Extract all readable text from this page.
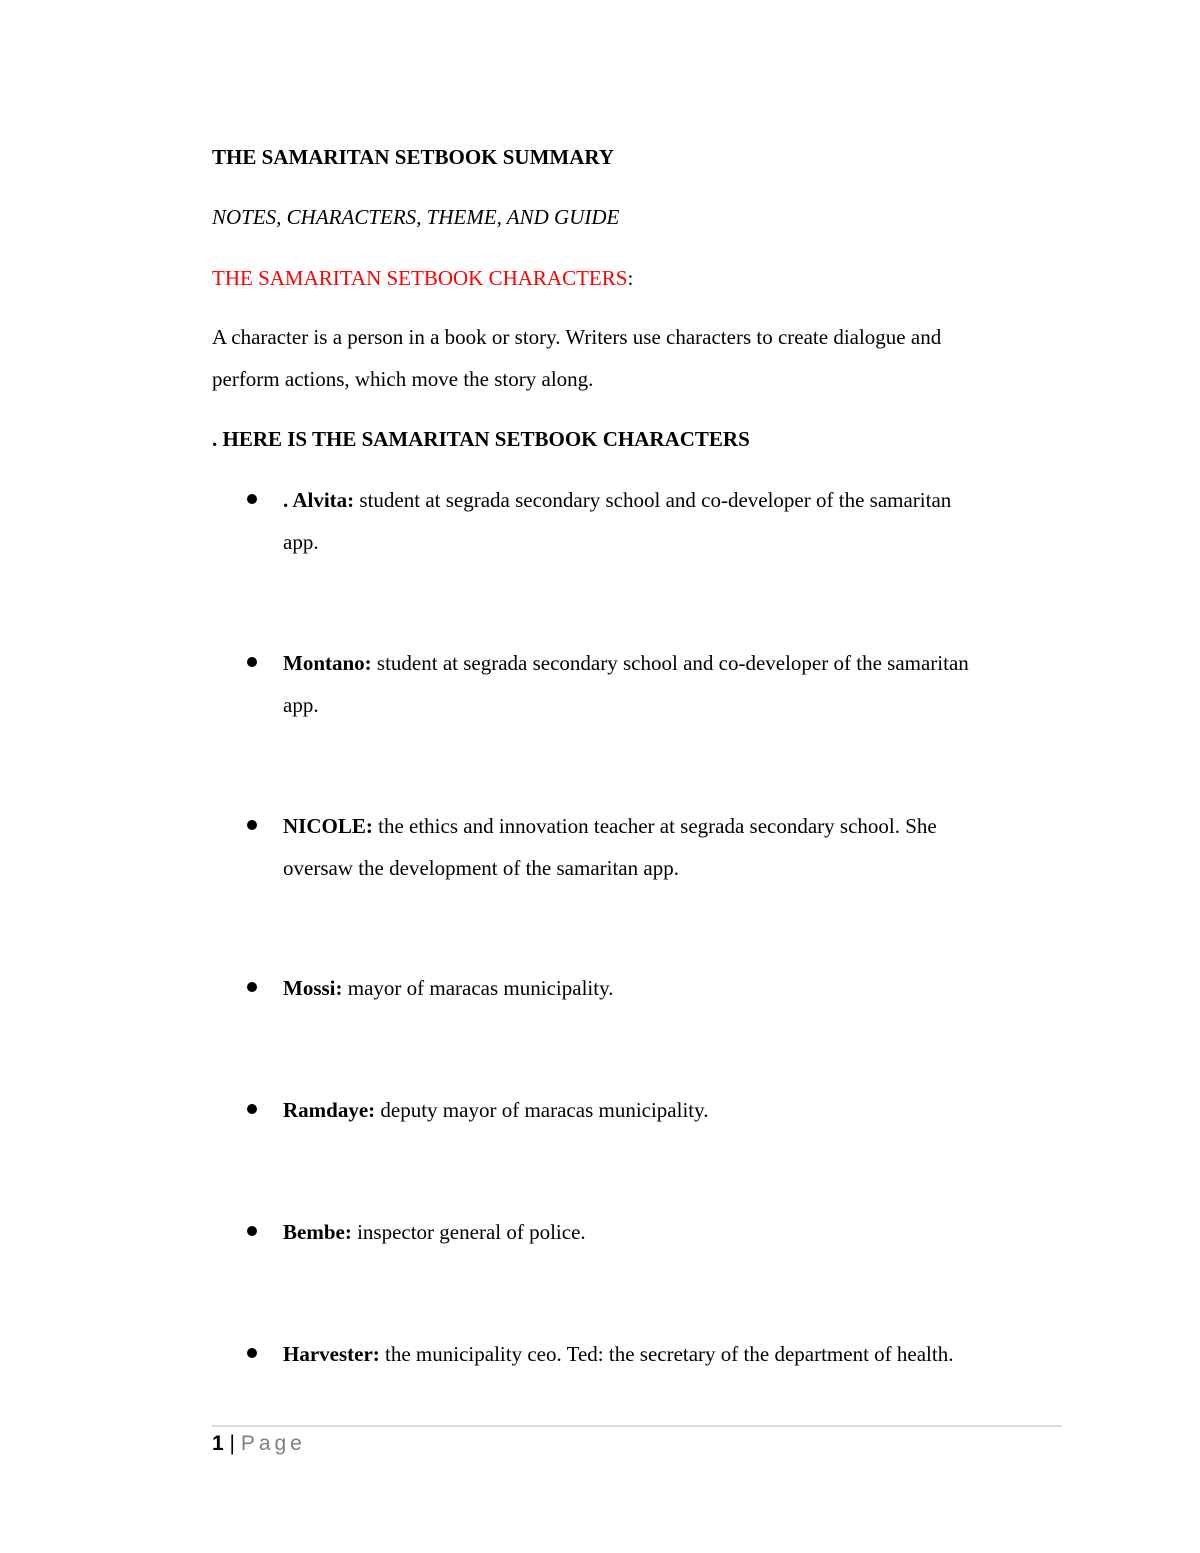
THE SAMARITAN SETBOOK SUMMARY

NOTES, CHARACTERS, THEME, AND GUIDE

THE SAMARITAN SETBOOK CHARACTERS:

A character is a person in a book or story. Writers use characters to create dialogue and

perform actions, which move the story along.

. HERE IS THE SAMARITAN SETBOOK CHARACTERS

. Alvita: student at segrada secondary school and co-developer of the samaritan

app.

Montano: student at segrada secondary school and co-developer of the samaritan

app.

NICOLE: the ethics and innovation teacher at segrada secondary school. She

oversaw the development of the samaritan app.

Mossi: mayor of maracas municipality.

Ramdaye: deputy mayor of maracas municipality.

Bembe: inspector general of police.

Harvester: the municipality ceo. Ted: the secretary of the department of health.

1 | Page
